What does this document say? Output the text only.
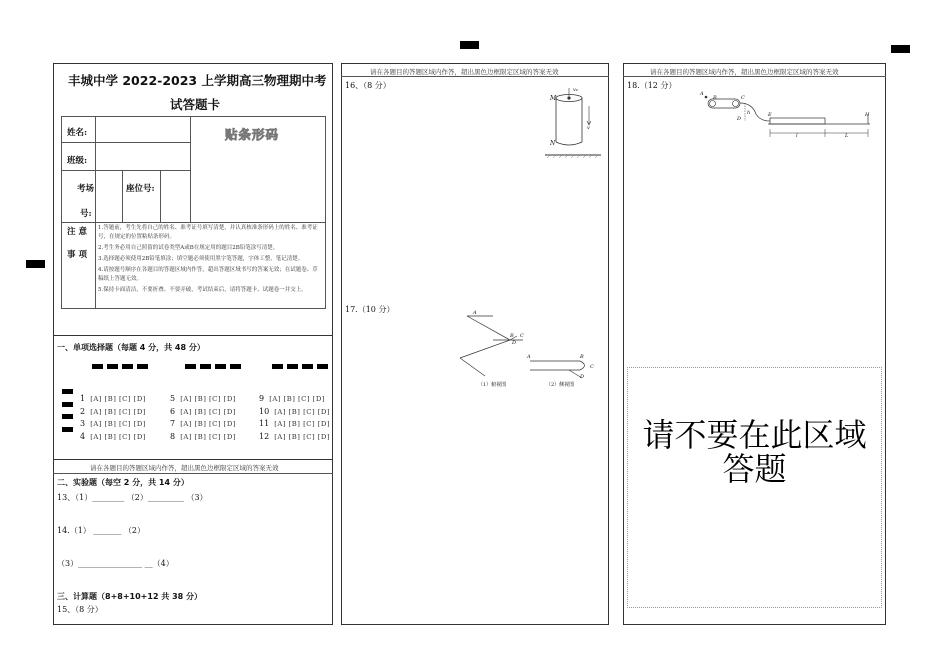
丰城中学 2022-2023 上学期高三物理期中考
试答题卡
姓名:
班级:
考场
号:
座位号:
贴条形码
注 意
事 项
1.答题前，考生先将自己的姓名、准考证号填写清楚，并认真核准条形码上的姓名、准考证号，在规定的位置粘贴条形码。
2.考生务必用自己照留的试卷类型A或B在规定用的题目2B铅笔涂写清楚。
3.选择题必须使用2B铅笔填涂；填空题必须使用黑字笔答题，字体工整，笔记清楚。
4.请按题号顺序在各题目的答题区域内作答，超出答题区域书写的答案无效；在试题卷、草稿纸上答题无效。
5.保持卡面清洁，不要折叠、不要弄破，考试结束后，请将答题卡、试题卷一并交上。
一、单项选择题（每题 4 分，共 48 分）
1 [A] [B] [C] [D]
2 [A] [B] [C] [D]
3 [A] [B] [C] [D]
4 [A] [B] [C] [D]
5 [A] [B] [C] [D]
6 [A] [B] [C] [D]
7 [A] [B] [C] [D]
8 [A] [B] [C] [D]
9 [A] [B] [C] [D]
10 [A] [B] [C] [D]
11 [A] [B] [C] [D]
12 [A] [B] [C] [D]
请在各题目的答题区域内作答，超出黑色边框限定区域的答案无效
二、实验题（每空 2 分，共 14 分）
13、（1）________ （2）_________ （3）
14.（1） _______ （2）
（3）________________ __（4）
三、计算题（8+8+10+12 共 38 分）
15、（8 分）
请在各题目的答题区域内作答，超出黑色边框限定区域的答案无效
16、（8 分）
M
N
v₀
v
17.（10 分）	A
B C
D
A	B
C
D
（1）俯视图	（2）侧视图
请在各题目的答题区域内作答，超出黑色边框限定区域的答案无效
18.（12 分）
A
B	C
h
D
E	H
l	L
请不要在此区域答题
